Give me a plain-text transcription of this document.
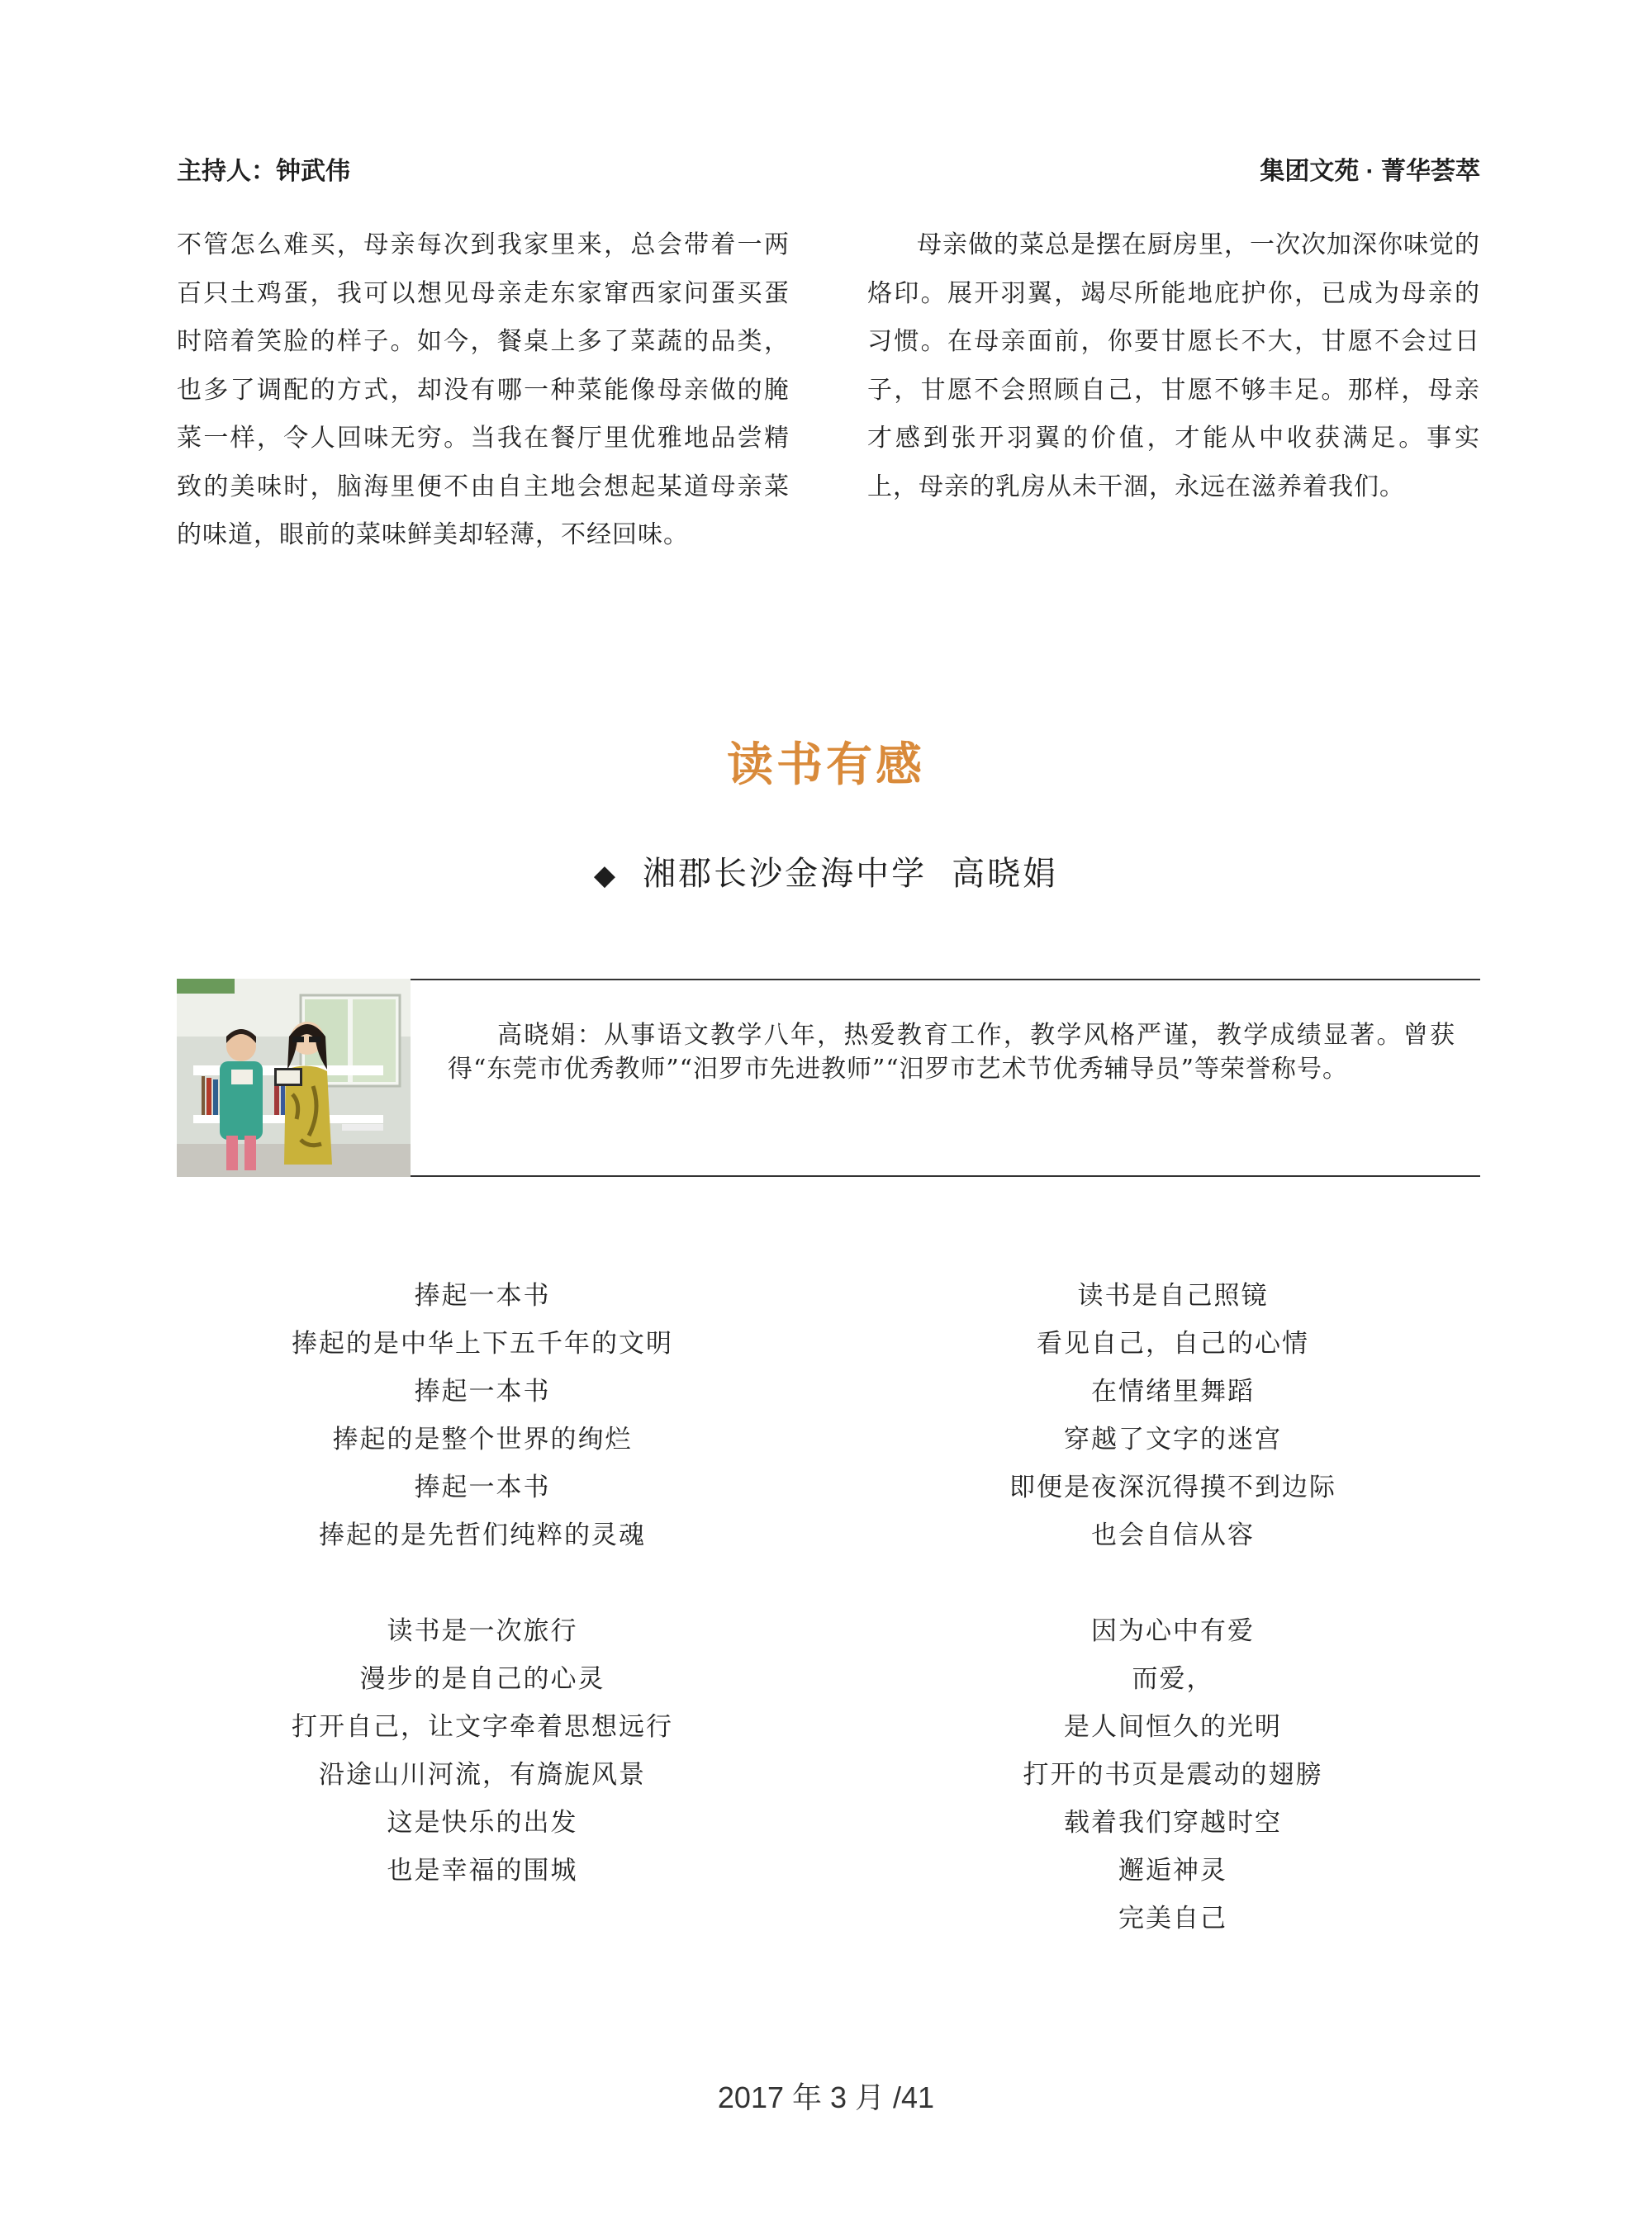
主持人：钟武伟	集团文苑 · 菁华荟萃

不管怎么难买，母亲每次到我家里来，总会带着一两百只土鸡蛋，我可以想见母亲走东家窜西家问蛋买蛋时陪着笑脸的样子。如今，餐桌上多了菜蔬的品类，也多了调配的方式，却没有哪一种菜能像母亲做的腌菜一样，令人回味无穷。当我在餐厅里优雅地品尝精致的美味时，脑海里便不由自主地会想起某道母亲菜的味道，眼前的菜味鲜美却轻薄，不经回味。

母亲做的菜总是摆在厨房里，一次次加深你味觉的烙印。展开羽翼，竭尽所能地庇护你，已成为母亲的习惯。在母亲面前，你要甘愿长不大，甘愿不会过日子，甘愿不会照顾自己，甘愿不够丰足。那样，母亲才感到张开羽翼的价值，才能从中收获满足。事实上，母亲的乳房从未干涸，永远在滋养着我们。

读书有感
◆ 湘郡长沙金海中学 高晓娟
高晓娟：从事语文教学八年，热爱教育工作，教学风格严谨，教学成绩显著。曾获得“东莞市优秀教师”“汨罗市先进教师”“汨罗市艺术节优秀辅导员”等荣誉称号。
捧起一本书
捧起的是中华上下五千年的文明
捧起一本书
捧起的是整个世界的绚烂
捧起一本书
捧起的是先哲们纯粹的灵魂
读书是一次旅行
漫步的是自己的心灵
打开自己，让文字牵着思想远行
沿途山川河流，有旖旎风景
这是快乐的出发
也是幸福的围城
读书是自己照镜
看见自己，自己的心情
在情绪里舞蹈
穿越了文字的迷宫
即便是夜深沉得摸不到边际
也会自信从容
因为心中有爱
而爱，
是人间恒久的光明
打开的书页是震动的翅膀
载着我们穿越时空
邂逅神灵
完美自己
2017 年 3 月 /41
